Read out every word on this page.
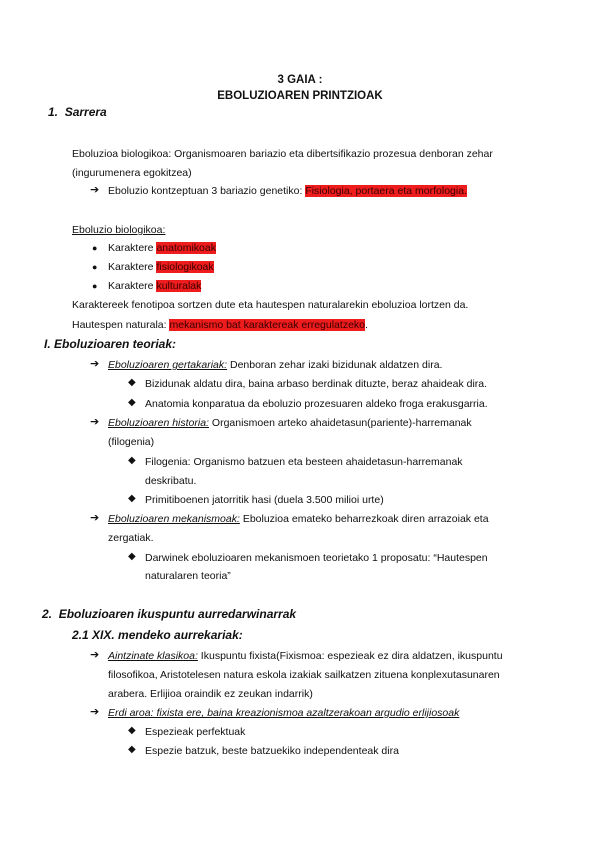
3 GAIA :
EBOLUZIOAREN PRINTZIOAK
1. Sarrera
Eboluzioa biologikoa: Organismoaren bariazio eta dibertsifikazio prozesua denboran zehar
(ingurumenera egokitzea)
➔ Eboluzio kontzeptuan 3 bariazio genetiko: Fisiologia, portaera eta morfologia.
Eboluzio biologikoa:
● Karaktere anatomikoak
● Karaktere fisiologikoak
● Karaktere kulturalak
Karaktereek fenotipoa sortzen dute eta hautespen naturalarekin eboluzioa lortzen da.
Hautespen naturala: mekanismo bat karaktereak erregulatzeko.
I. Eboluzioaren teoriak:
➔ Eboluzioaren gertakariak: Denboran zehar izaki bizidunak aldatzen dira.
◆ Bizidunak aldatu dira, baina arbaso berdinak dituzte, beraz ahaideak dira.
◆ Anatomia konparatua da eboluzio prozesuaren aldeko froga erakusgarria.
➔ Eboluzioaren historia: Organismoen arteko ahaidetasun(pariente)-harremanak
(filogenia)
◆ Filogenia: Organismo batzuen eta besteen ahaidetasun-harremanak
deskribatu.
◆ Primitiboenen jatorritik hasi (duela 3.500 milioi urte)
➔ Eboluzioaren mekanismoak: Eboluzioa emateko beharrezkoak diren arrazoiak eta
zergatiak.
◆ Darwinek eboluzioaren mekanismoen teorietako 1 proposatu: “Hautespen
naturalaren teoria”
2. Eboluzioaren ikuspuntu aurredarwinarrak
2.1 XIX. mendeko aurrekariak:
➔ Aintzinate klasikoa: Ikuspuntu fixista(Fixismoa: espezieak ez dira aldatzen, ikuspuntu
filosofikoa, Aristotelesen natura eskola izakiak sailkatzen zituena konplexutasunaren
arabera. Erlijioa oraindik ez zeukan indarrik)
➔ Erdi aroa: fixista ere, baina kreazionismoa azaltzerakoan argudio erlijiosoak
◆ Espezieak perfektuak
◆ Espezie batzuk, beste batzuekiko independenteak dira
